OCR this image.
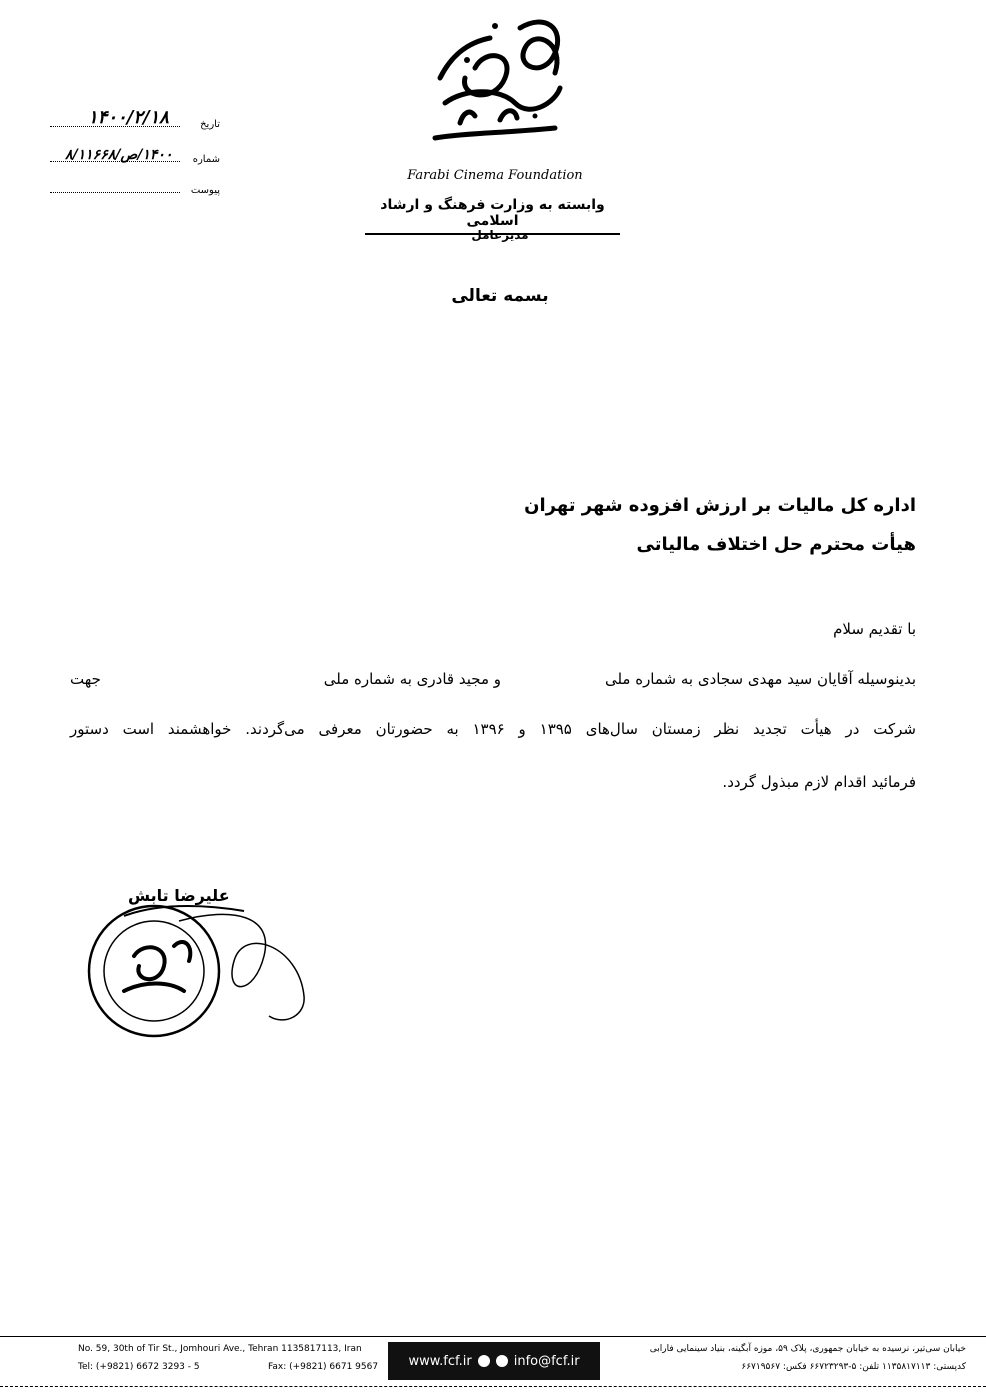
Farabi Cinema Foundation
وابسته به وزارت فرهنگ و ارشاد اسلامی
مدیرعامل
تاریخ
۱۴۰۰/۲/۱۸
شماره
۱۴۰۰/ص/۸/۱۱۶۶۸
پیوست
بسمه تعالی
اداره کل مالیات بر ارزش افزوده شهر تهران
هیأت محترم حل اختلاف مالیاتی
با تقدیم سلام
بدینوسیله آقایان سید مهدی سجادی به شماره ملی
و مجید قادری به شماره ملی
جهت
شرکت در هیأت تجدید نظر زمستان سال‌های ۱۳۹۵ و ۱۳۹۶ به حضورتان معرفی می‌گردند. خواهشمند است دستور
فرمائید اقدام لازم مبذول گردد.
علیرضا تابش
No. 59, 30th of Tir St., Jomhouri Ave., Tehran 1135817113, Iran
Tel: (+9821) 6672 3293 - 5	Fax: (+9821) 6671 9567 www.fcf.ir	info@fcf.ir
خیابان سی‌تیر، نرسیده به خیابان جمهوری، پلاک ۵۹، موزه آبگینه، بنیاد سینمایی فارابی
کدپستی: ۱۱۳۵۸۱۷۱۱۳ تلفن: ۵-۶۶۷۲۳۲۹۳ فکس: ۶۶۷۱۹۵۶۷
